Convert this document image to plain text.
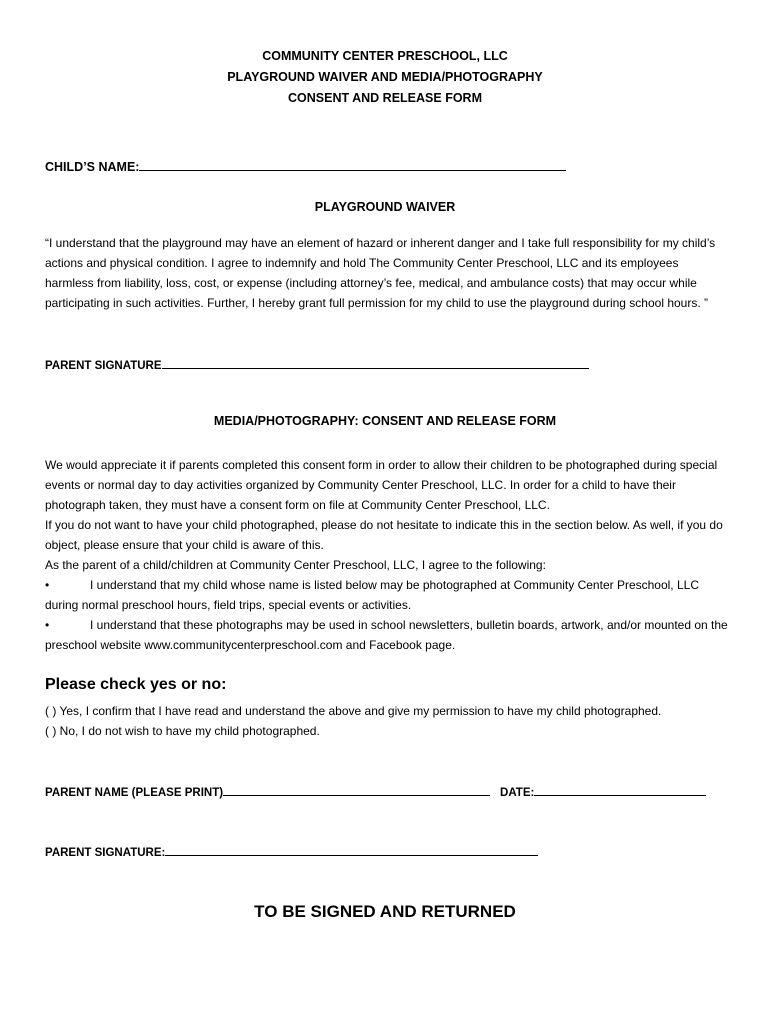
COMMUNITY CENTER PRESCHOOL, LLC
PLAYGROUND WAIVER AND MEDIA/PHOTOGRAPHY
CONSENT AND RELEASE FORM
CHILD’S NAME:
PLAYGROUND WAIVER
“I understand that the playground may have an element of hazard or inherent danger and I take full responsibility for my child’s actions and physical condition. I agree to indemnify and hold The Community Center Preschool, LLC and its employees harmless from liability, loss, cost, or expense (including attorney’s fee, medical, and ambulance costs) that may occur while participating in such activities. Further, I hereby grant full permission for my child to use the playground during school hours. ”
PARENT SIGNATURE
MEDIA/PHOTOGRAPHY: CONSENT AND RELEASE FORM
We would appreciate it if parents completed this consent form in order to allow their children to be photographed during special events or normal day to day activities organized by Community Center Preschool, LLC. In order for a child to have their photograph taken, they must have a consent form on file at Community Center Preschool, LLC.
If you do not want to have your child photographed, please do not hesitate to indicate this in the section below. As well, if you do object, please ensure that your child is aware of this.
As the parent of a child/children at Community Center Preschool, LLC, I agree to the following:
•	I understand that my child whose name is listed below may be photographed at Community Center Preschool, LLC during normal preschool hours, field trips, special events or activities.
•	I understand that these photographs may be used in school newsletters, bulletin boards, artwork, and/or mounted on the preschool website www.communitycenterpreschool.com and Facebook page.
Please check yes or no:
( ) Yes, I confirm that I have read and understand the above and give my permission to have my child photographed.
( ) No, I do not wish to have my child photographed.
PARENT NAME (PLEASE PRINT)	DATE:
PARENT SIGNATURE:
TO BE SIGNED AND RETURNED
